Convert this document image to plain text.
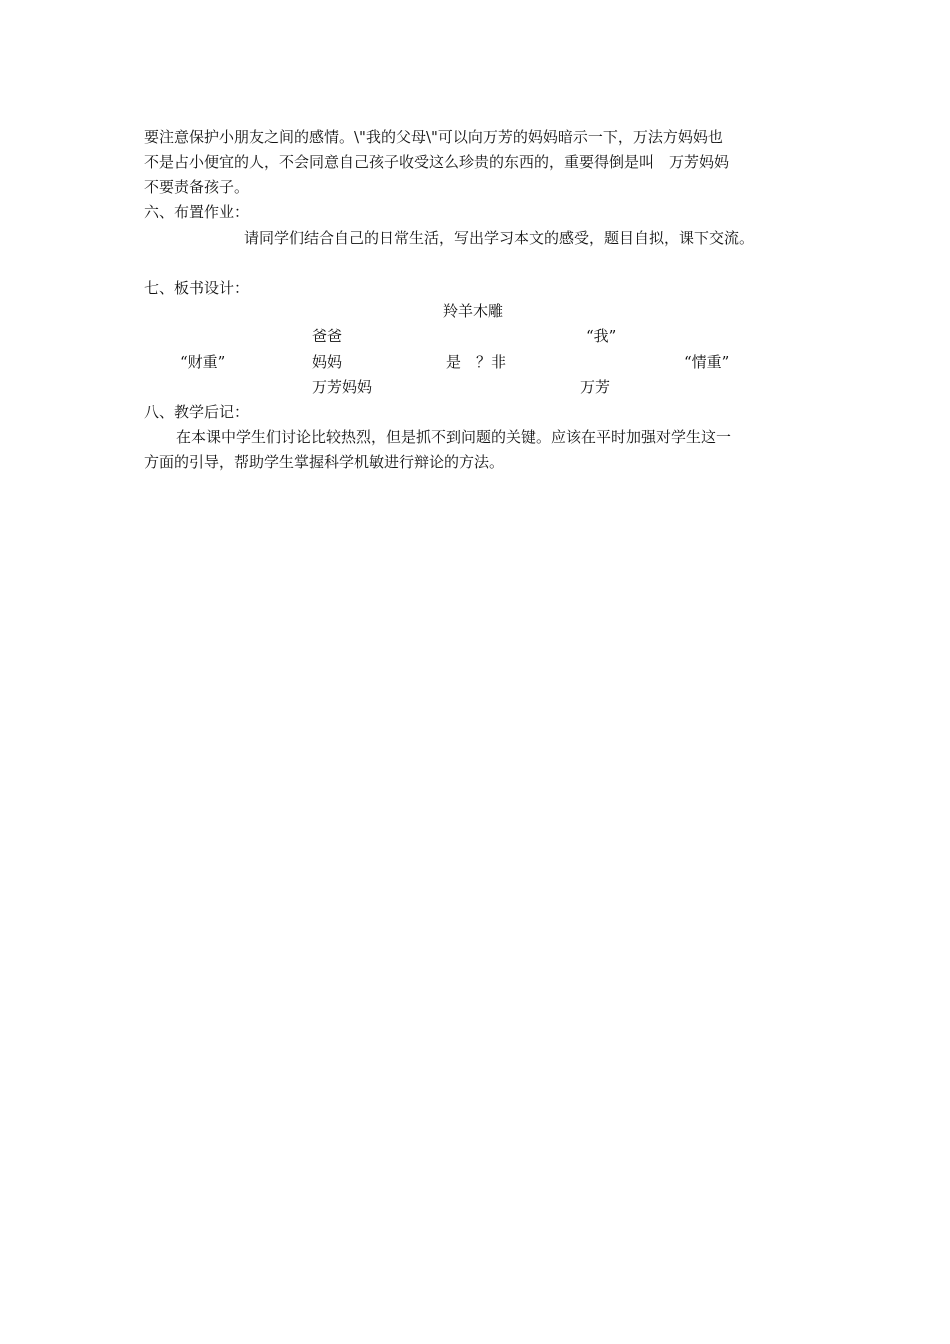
要注意保护小朋友之间的感情。\"我的父母\"可以向万芳的妈妈暗示一下，万法方妈妈也
不是占小便宜的人，不会同意自己孩子收受这么珍贵的东西的，重要得倒是叫　万芳妈妈
不要责备孩子。
六、布置作业：
请同学们结合自己的日常生活，写出学习本文的感受，题目自拟，课下交流。
七、板书设计：
羚羊木雕
爸爸	“我”
“财重”	妈妈	是　？非	“情重”
万芳妈妈	万芳
八、教学后记：
在本课中学生们讨论比较热烈，但是抓不到问题的关键。应该在平时加强对学生这一
方面的引导，帮助学生掌握科学机敏进行辩论的方法。
